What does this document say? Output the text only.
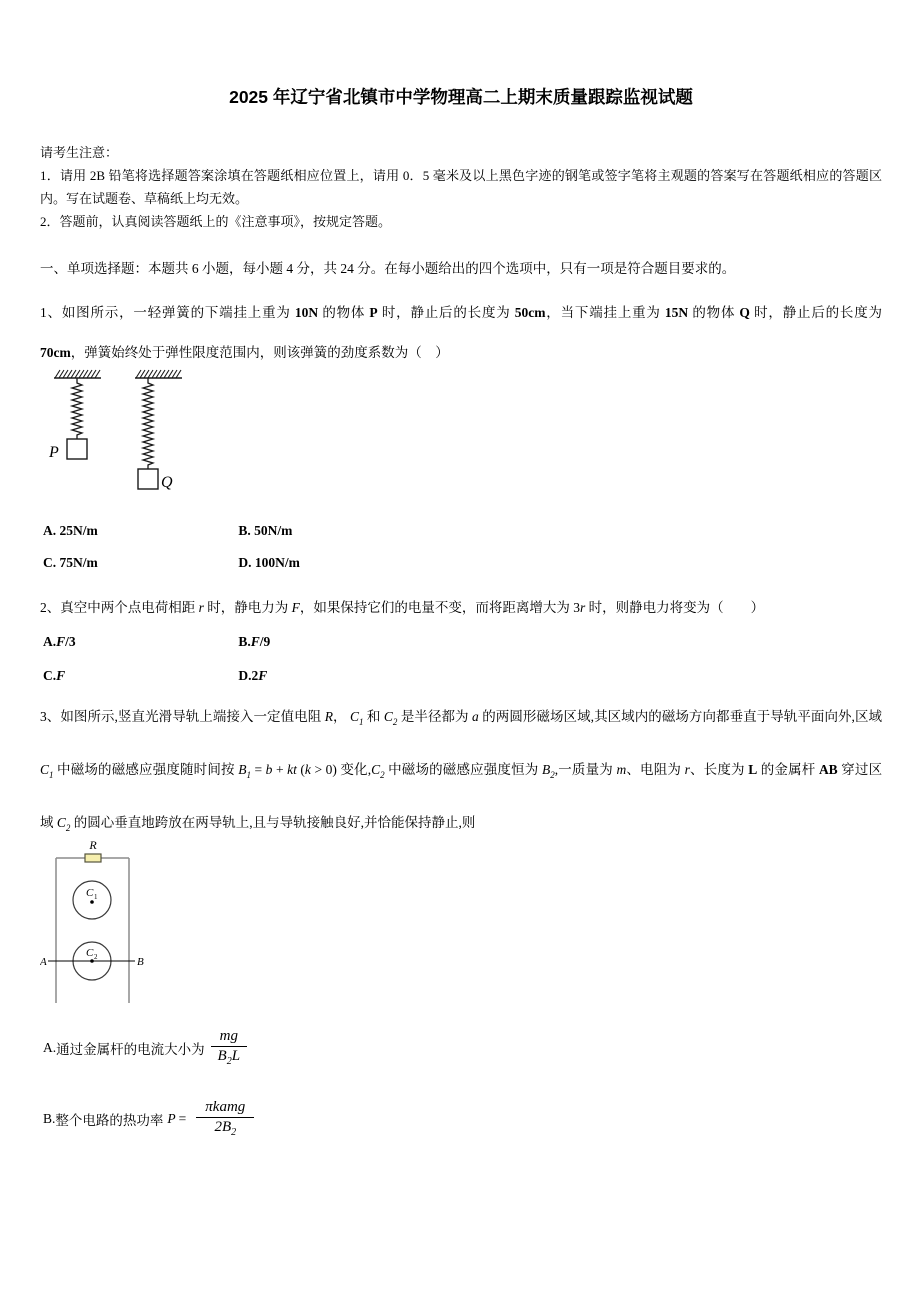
2025 年辽宁省北镇市中学物理高二上期末质量跟踪监视试题

请考生注意：

1．请用 2B 铅笔将选择题答案涂填在答题纸相应位置上，请用 0．5 毫米及以上黑色字迹的钢笔或签字笔将主观题的答案写在答题纸相应的答题区内。写在试题卷、草稿纸上均无效。

2．答题前，认真阅读答题纸上的《注意事项》，按规定答题。

一、单项选择题：本题共 6 小题，每小题 4 分，共 24 分。在每小题给出的四个选项中，只有一项是符合题目要求的。

1、如图所示，一轻弹簧的下端挂上重为 10N 的物体 P 时，静止后的长度为 50cm，当下端挂上重为 15N 的物体 Q 时，静止后的长度为 70cm，弹簧始终处于弹性限度范围内，则该弹簧的劲度系数为（　）

P
Q
A. 25N/m	B. 50N/m
C. 75N/m	D. 100N/m

2、真空中两个点电荷相距 r 时，静电力为 F，如果保持它们的电量不变，而将距离增大为 3r 时，则静电力将变为（　　）

A.F/3	B.F/9
C.F	D.2F

3、如图所示,竖直光滑导轨上端接入一定值电阻 R， $C_1$ 和 $C_2$ 是半径都为 a 的两圆形磁场区域,其区域内的磁场方向都垂直于导轨平面向外,区域 $C_1$ 中磁场的磁感应强度随时间按 $B_1 = b$ + kt (k > 0) 变化$,C_2$ 中磁场的磁感应强度恒为 $B_2$,一质量为 m、电阻为 r、长度为 L 的金属杆 AB 穿过区域 $C_2$ 的圆心垂直地跨放在两导轨上,且与导轨接触良好,并恰能保持静止,则

R
C 1
C 2
A	B
A. 通过金属杆的电流大小为 $\frac{mg}{B_2L}$
B. 整个电路的热功率 $P = \frac{\text{πkamg}}{2B_2}$
